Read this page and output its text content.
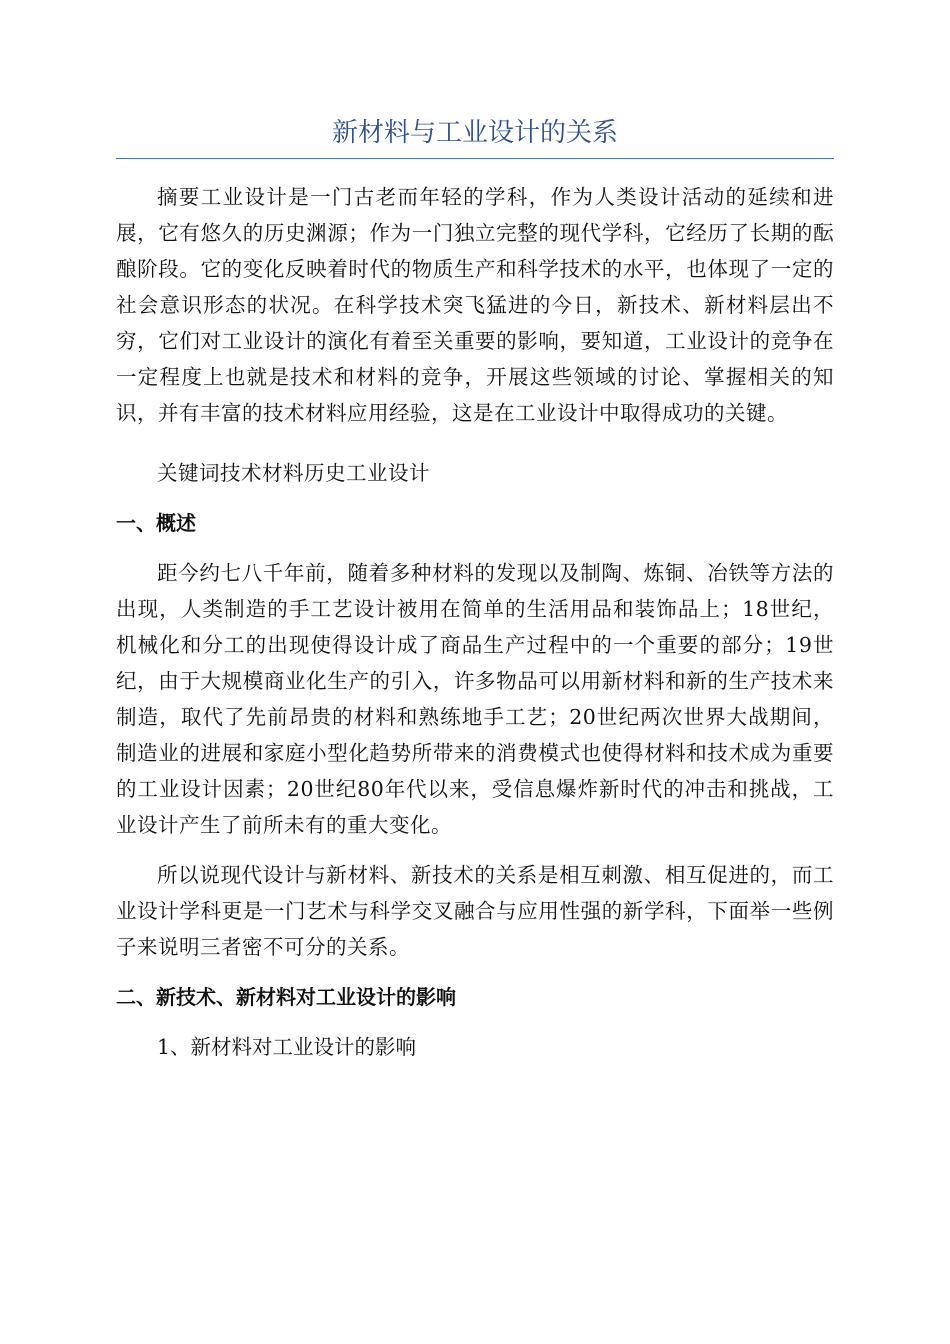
新材料与工业设计的关系

摘要工业设计是一门古老而年轻的学科，作为人类设计活动的延续和进展，它有悠久的历史渊源；作为一门独立完整的现代学科，它经历了长期的酝酿阶段。它的变化反映着时代的物质生产和科学技术的水平，也体现了一定的社会意识形态的状况。在科学技术突飞猛进的今日，新技术、新材料层出不穷，它们对工业设计的演化有着至关重要的影响，要知道，工业设计的竞争在一定程度上也就是技术和材料的竞争，开展这些领域的讨论、掌握相关的知识，并有丰富的技术材料应用经验，这是在工业设计中取得成功的关键。

关键词技术材料历史工业设计

一、概述

距今约七八千年前，随着多种材料的发现以及制陶、炼铜、冶铁等方法的出现，人类制造的手工艺设计被用在简单的生活用品和装饰品上；18世纪，机械化和分工的出现使得设计成了商品生产过程中的一个重要的部分；19世纪，由于大规模商业化生产的引入，许多物品可以用新材料和新的生产技术来制造，取代了先前昂贵的材料和熟练地手工艺；20世纪两次世界大战期间，制造业的进展和家庭小型化趋势所带来的消费模式也使得材料和技术成为重要的工业设计因素；20世纪80年代以来，受信息爆炸新时代的冲击和挑战，工业设计产生了前所未有的重大变化。

所以说现代设计与新材料、新技术的关系是相互刺激、相互促进的，而工业设计学科更是一门艺术与科学交叉融合与应用性强的新学科，下面举一些例子来说明三者密不可分的关系。

二、新技术、新材料对工业设计的影响

1、新材料对工业设计的影响
